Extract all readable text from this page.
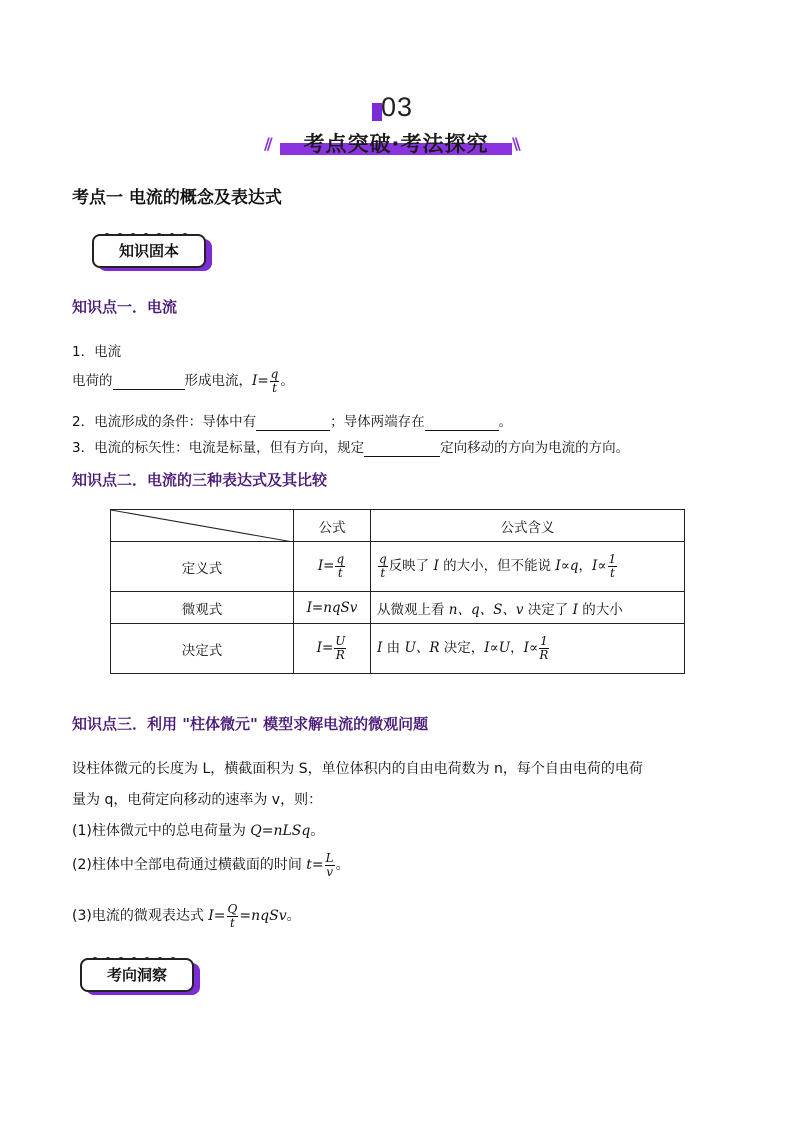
03
//	考点突破·考法探究	\\
考点一 电流的概念及表达式
知识固本
知识点一．电流
1．电流
电荷的	形成电流，$I= \frac{q}{t}$ 。
2．电流形成的条件：导体中有	；导体两端存在	。
3．电流的标矢性：电流是标量，但有方向，规定	定向移动的方向为电流的方向。
知识点二．电流的三种表达式及其比较
	公式	公式含义
定义式	$I= \frac{q}{t}$	$\frac{q}{t}$ 反映了 I 的大小，但不能说 I∝q，$I\propto \frac{1}{t}$

微观式	I=nqSv	从微观上看 n、q、S、v 决定了 I 的大小
决定式	$I= \frac{U}{R}$	I 由 U、R 决定，I∝U，$I\propto \frac{1}{R}$
知识点三．利用 "柱体微元" 模型求解电流的微观问题
设柱体微元的长度为 L，横截面积为 S，单位体积内的自由电荷数为 n，每个自由电荷的电荷
量为 q，电荷定向移动的速率为 v，则：
(1)柱体微元中的总电荷量为 Q=nLSq。
(2)柱体中全部电荷通过横截面的时间 $t= \frac{L}{v}$ 。
(3)电流的微观表达式 $I= \frac{Q}{t}$ =nqSv。
考向洞察
